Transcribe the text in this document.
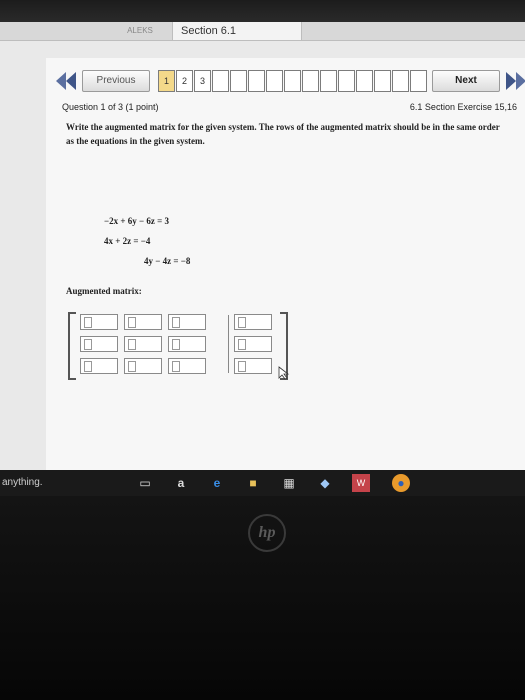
ALEKS	Section 6.1
Previous	1	2	3	Next
Question 1 of 3 (1 point)	6.1 Section Exercise 15,16
Write the augmented matrix for the given system. The rows of the augmented matrix should be in the same order as the equations in the given system.
−2x + 6y − 6z = 3
4x + 2z = −4
4y − 4z = −8
Augmented matrix:
anything.	▭	a	e	■	▦	◆	W	●
hp
